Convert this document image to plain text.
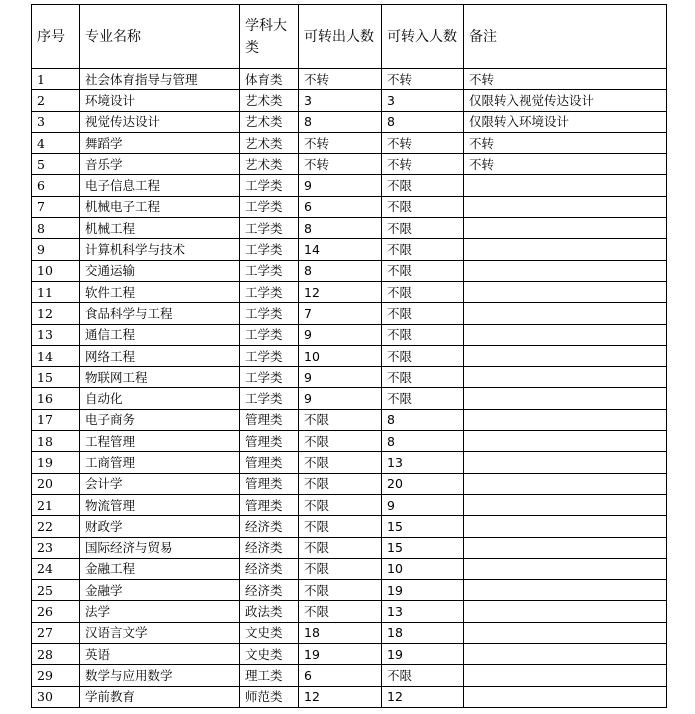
序号	专业名称	学科大类	可转出人数	可转入人数	备注
1	社会体育指导与管理	体育类	不转	不转	不转
2	环境设计	艺术类	3	3	仅限转入视觉传达设计
3	视觉传达设计	艺术类	8	8	仅限转入环境设计
4	舞蹈学	艺术类	不转	不转	不转
5	音乐学	艺术类	不转	不转	不转
6	电子信息工程	工学类	9	不限	
7	机械电子工程	工学类	6	不限	
8	机械工程	工学类	8	不限	
9	计算机科学与技术	工学类	14	不限	
10	交通运输	工学类	8	不限	
11	软件工程	工学类	12	不限	
12	食品科学与工程	工学类	7	不限	
13	通信工程	工学类	9	不限	
14	网络工程	工学类	10	不限	
15	物联网工程	工学类	9	不限	
16	自动化	工学类	9	不限	
17	电子商务	管理类	不限	8	
18	工程管理	管理类	不限	8	
19	工商管理	管理类	不限	13	
20	会计学	管理类	不限	20	
21	物流管理	管理类	不限	9	
22	财政学	经济类	不限	15	
23	国际经济与贸易	经济类	不限	15	
24	金融工程	经济类	不限	10	
25	金融学	经济类	不限	19	
26	法学	政法类	不限	13	
27	汉语言文学	文史类	18	18	
28	英语	文史类	19	19	
29	数学与应用数学	理工类	6	不限	
30	学前教育	师范类	12	12	
